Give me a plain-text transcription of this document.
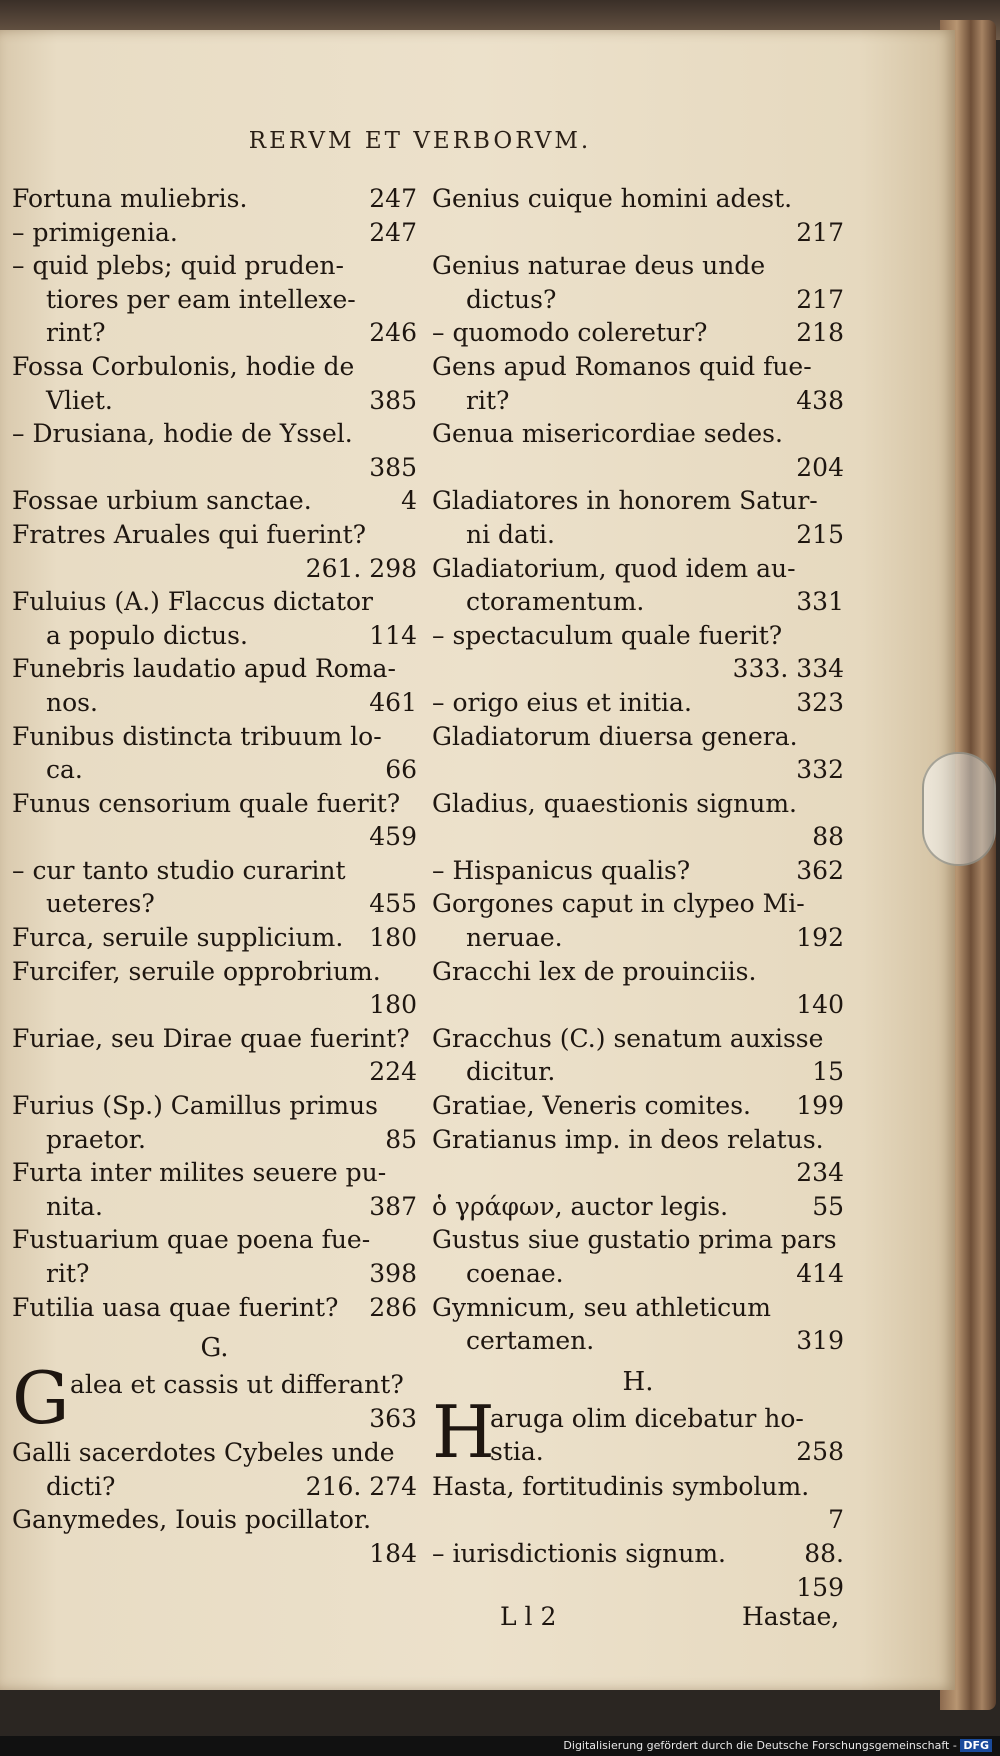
RERVM ET VERBORVM.
247
Fortuna muliebris.
247
– primigenia.
– quid plebs; quid pruden-
tiores per eam intellexe-
246
rint?
Fossa Corbulonis, hodie de
385
Vliet.
– Drusiana, hodie de Yssel.
385
4
Fossae urbium sanctae.
Fratres Aruales qui fuerint?
261. 298
Fuluius (A.) Flaccus dictator
114
a populo dictus.
Funebris laudatio apud Roma-
461
nos.
Funibus distincta tribuum lo-
66
ca.
Funus censorium quale fuerit?
459
– cur tanto studio curarint
455
ueteres?
180
Furca, seruile supplicium.
Furcifer, seruile opprobrium.
180
Furiae, seu Dirae quae fuerint?
224
Furius (Sp.) Camillus primus
85
praetor.
Furta inter milites seuere pu-
387
nita.
Fustuarium quae poena fue-
398
rit?
286
Futilia uasa quae fuerint?
G.
G alea et cassis ut differant?
363
Galli sacerdotes Cybeles unde
216. 274
dicti?
Ganymedes, Iouis pocillator.
184
Genius cuique homini adest.
217
Genius naturae deus unde
217
dictus?
218
– quomodo coleretur?
Gens apud Romanos quid fue-
438
rit?
Genua misericordiae sedes.
204
Gladiatores in honorem Satur-
215
ni dati.
Gladiatorium, quod idem au-
331
ctoramentum.
– spectaculum quale fuerit?
333. 334
323
– origo eius et initia.
Gladiatorum diuersa genera.
332
Gladius, quaestionis signum.
88
362
– Hispanicus qualis?
Gorgones caput in clypeo Mi-
192
neruae.
Gracchi lex de prouinciis.
140
Gracchus (C.) senatum auxisse
15
dicitur.
199
Gratiae, Veneris comites.
Gratianus imp. in deos relatus.
234
55
ὁ γράφων, auctor legis.
Gustus siue gustatio prima pars
414
coenae.
Gymnicum, seu athleticum
319
certamen.
H.
H
aruga olim dicebatur ho-
258
stia.
Hasta, fortitudinis symbolum.
7
88.
– iurisdictionis signum.
159
L l 2	Hastae,
Digitalisierung gefördert durch die Deutsche Forschungsgemeinschaft - DFG
